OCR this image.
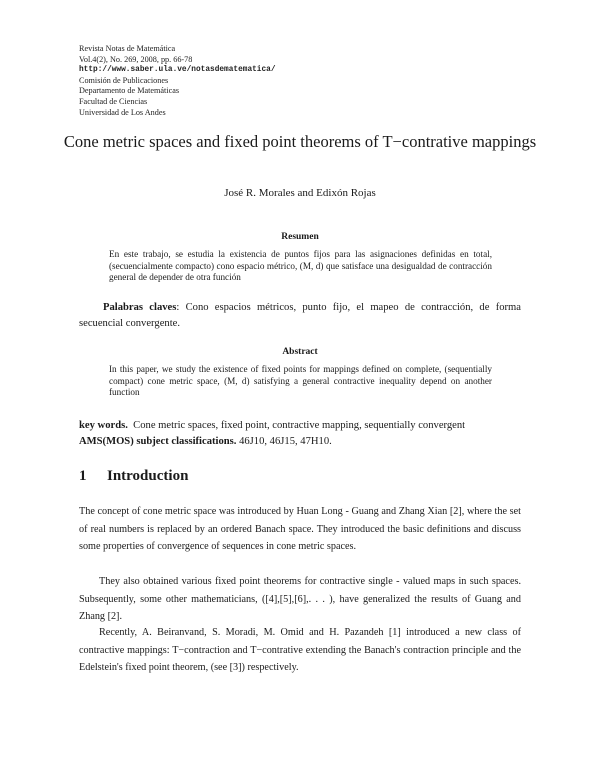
Revista Notas de Matemática
Vol.4(2), No. 269, 2008, pp. 66-78
http://www.saber.ula.ve/notasdematematica/
Comisión de Publicaciones
Departamento de Matemáticas
Facultad de Ciencias
Universidad de Los Andes
Cone metric spaces and fixed point theorems of T−contrative mappings
José R. Morales and Edixón Rojas
Resumen
En este trabajo, se estudia la existencia de puntos fijos para las asignaciones definidas en total, (secuencialmente compacto) cono espacio métrico, (M, d) que satisface una desigualdad de contracción general de depender de otra función
Palabras claves: Cono espacios métricos, punto fijo, el mapeo de contracción, de forma secuencial convergente.
Abstract
In this paper, we study the existence of fixed points for mappings defined on complete, (sequentially compact) cone metric space, (M, d) satisfying a general contractive inequality depend on another function
key words. Cone metric spaces, fixed point, contractive mapping, sequentially convergent
AMS(MOS) subject classifications. 46J10, 46J15, 47H10.
1 Introduction
The concept of cone metric space was introduced by Huan Long - Guang and Zhang Xian [2], where the set of real numbers is replaced by an ordered Banach space. They introduced the basic definitions and discuss some properties of convergence of sequences in cone metric spaces.
They also obtained various fixed point theorems for contractive single - valued maps in such spaces. Subsequently, some other mathematicians, ([4],[5],[6],. . . ), have generalized the results of Guang and Zhang [2].
Recently, A. Beiranvand, S. Moradi, M. Omid and H. Pazandeh [1] introduced a new class of contractive mappings: T−contraction and T−contrative extending the Banach's contraction principle and the Edelstein's fixed point theorem, (see [3]) respectively.
